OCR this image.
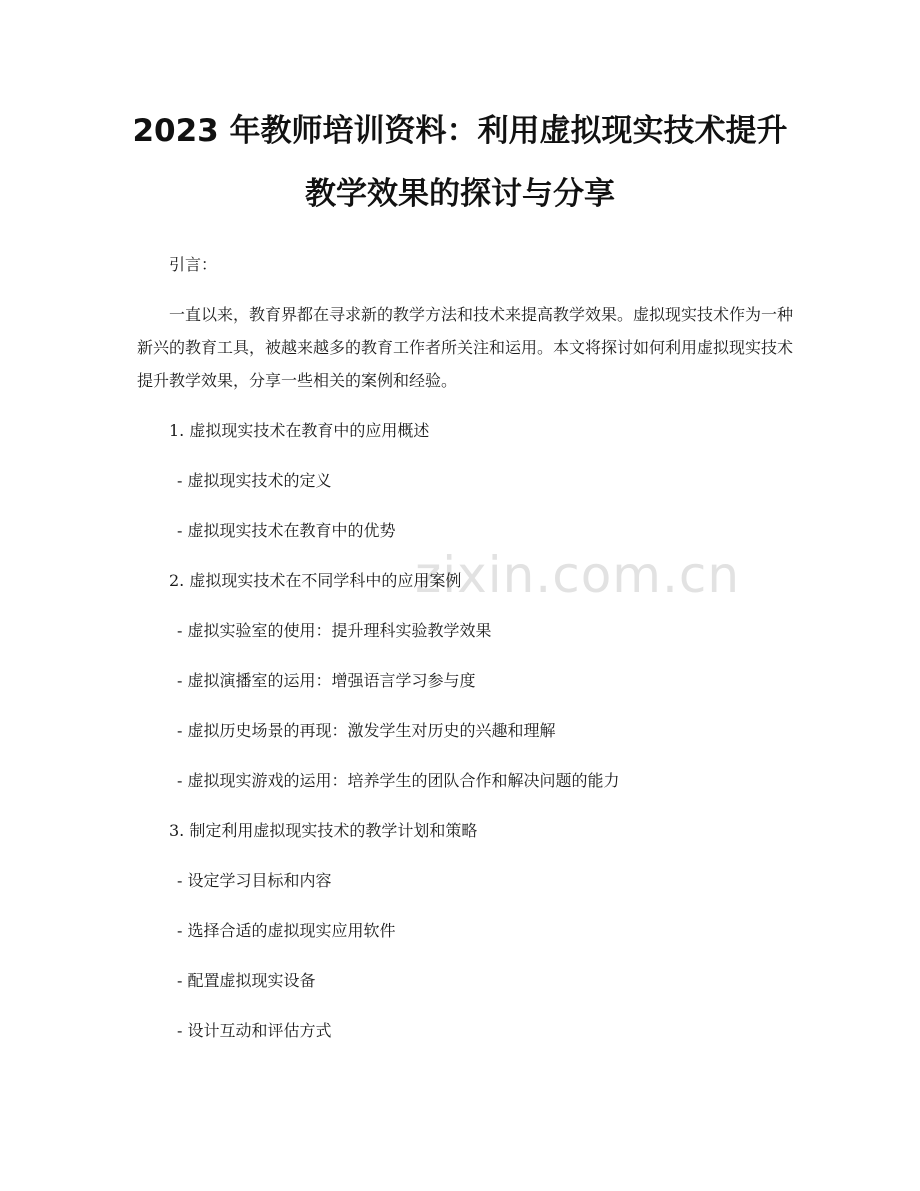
2023 年教师培训资料：利用虚拟现实技术提升教学效果的探讨与分享
zixin.com.cn

引言：

一直以来，教育界都在寻求新的教学方法和技术来提高教学效果。虚拟现实技术作为一种新兴的教育工具，被越来越多的教育工作者所关注和运用。本文将探讨如何利用虚拟现实技术提升教学效果，分享一些相关的案例和经验。

1. 虚拟现实技术在教育中的应用概述

- 虚拟现实技术的定义

- 虚拟现实技术在教育中的优势

2. 虚拟现实技术在不同学科中的应用案例

- 虚拟实验室的使用：提升理科实验教学效果

- 虚拟演播室的运用：增强语言学习参与度

- 虚拟历史场景的再现：激发学生对历史的兴趣和理解

- 虚拟现实游戏的运用：培养学生的团队合作和解决问题的能力

3. 制定利用虚拟现实技术的教学计划和策略

- 设定学习目标和内容

- 选择合适的虚拟现实应用软件

- 配置虚拟现实设备

- 设计互动和评估方式
